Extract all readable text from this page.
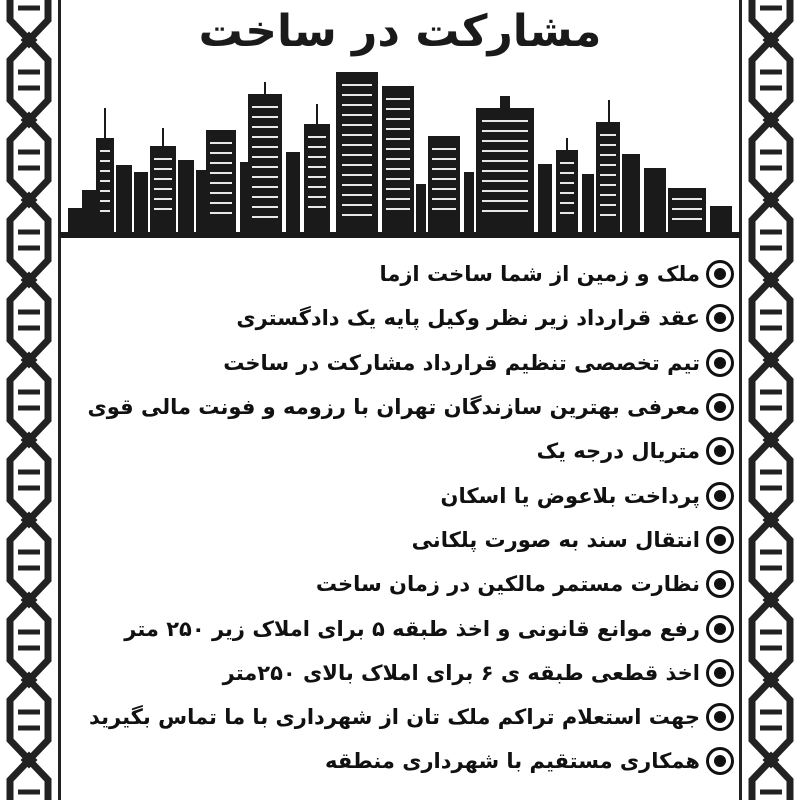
مشارکت در ساخت
ملک و زمین از شما ساخت ازما
عقد قرارداد زیر نظر وکیل پایه یک دادگستری
تیم تخصصی تنظیم قرارداد مشارکت در ساخت
معرفی بهترین سازندگان تهران با رزومه و فونت مالی قوی
متریال درجه یک
پرداخت بلاعوض یا اسکان
انتقال سند به صورت پلکانی
نظارت مستمر مالکین در زمان ساخت
رفع موانع قانونی و اخذ طبقه ۵ برای املاک زیر ۲۵۰ متر
اخذ قطعی طبقه ی ۶ برای املاک بالای ۲۵۰متر
جهت استعلام تراکم ملک تان از شهرداری با ما تماس بگیرید
همکاری مستقیم با شهرداری منطقه
